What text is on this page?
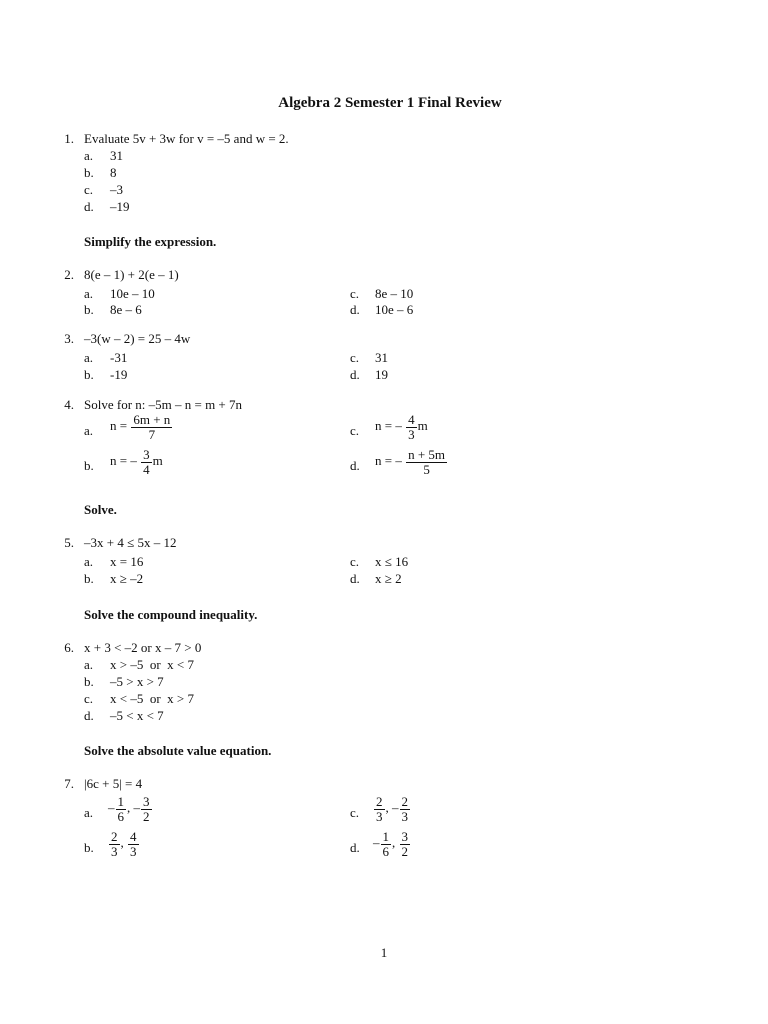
Algebra 2 Semester 1 Final Review
1. Evaluate 5v + 3w for v = –5 and w = 2.
a. 31
b. 8
c. –3
d. –19
Simplify the expression.
2. 8(e – 1) + 2(e – 1)
a. 10e – 10
b. 8e – 6
c. 8e – 10
d. 10e – 6
3. –3(w – 2) = 25 – 4w
a. -31
b. -19
c. 31
d. 19
4. Solve for n: –5m – n = m + 7n
a. $n = \frac{6m + n}{7}$
b. n = – $\frac{3}{4}$ m
c. n = – $\frac{4}{3}$ m
d. n = – $\frac{n + 5m}{5}$
Solve.
5. –3x + 4 ≤ 5x – 12
a. x = 16
b. x ≥ –2
c. x ≤ 16
d. x ≥ 2
Solve the compound inequality.
6. x + 3 < –2 or x – 7 > 0
a. x > –5  or  x < 7
b. –5 > x > 7
c. x < –5  or  x > 7
d. –5 < x < 7
Solve the absolute value equation.
7. |6c + 5| = 4
a. – $\frac{1}{6}$ , – $\frac{3}{2}$
b. $\frac{2}{3}$ , $\frac{4}{3}$
c. $\frac{2}{3}$ , – $\frac{2}{3}$
d. – $\frac{1}{6}$ , $\frac{3}{2}$
1
